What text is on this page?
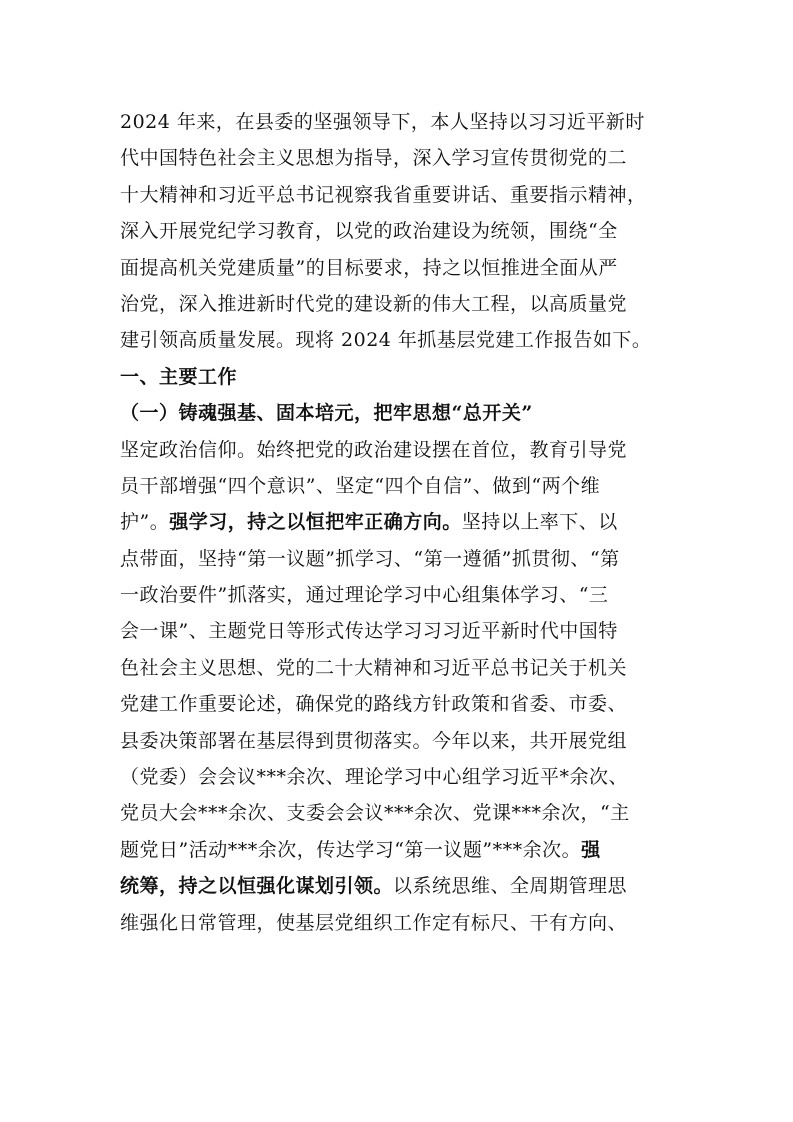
2024 年来，在县委的坚强领导下，本人坚持以习习近平新时
代中国特色社会主义思想为指导，深入学习宣传贯彻党的二
十大精神和习近平总书记视察我省重要讲话、重要指示精神，
深入开展党纪学习教育，以党的政治建设为统领，围绕“全
面提高机关党建质量”的目标要求，持之以恒推进全面从严
治党，深入推进新时代党的建设新的伟大工程，以高质量党
建引领高质量发展。现将 2024 年抓基层党建工作报告如下。
一、主要工作
（一）铸魂强基、固本培元，把牢思想“总开关”
坚定政治信仰。始终把党的政治建设摆在首位，教育引导党
员干部增强“四个意识”、坚定“四个自信”、做到“两个维
护”。强学习，持之以恒把牢正确方向。坚持以上率下、以
点带面，坚持“第一议题”抓学习、“第一遵循”抓贯彻、“第
一政治要件”抓落实，通过理论学习中心组集体学习、“三
会一课”、主题党日等形式传达学习习习近平新时代中国特
色社会主义思想、党的二十大精神和习近平总书记关于机关
党建工作重要论述，确保党的路线方针政策和省委、市委、
县委决策部署在基层得到贯彻落实。今年以来，共开展党组
（党委）会会议***余次、理论学习中心组学习近平*余次、
党员大会***余次、支委会会议***余次、党课***余次，“主
题党日”活动***余次，传达学习“第一议题”***余次。强
统筹，持之以恒强化谋划引领。以系统思维、全周期管理思
维强化日常管理，使基层党组织工作定有标尺、干有方向、
